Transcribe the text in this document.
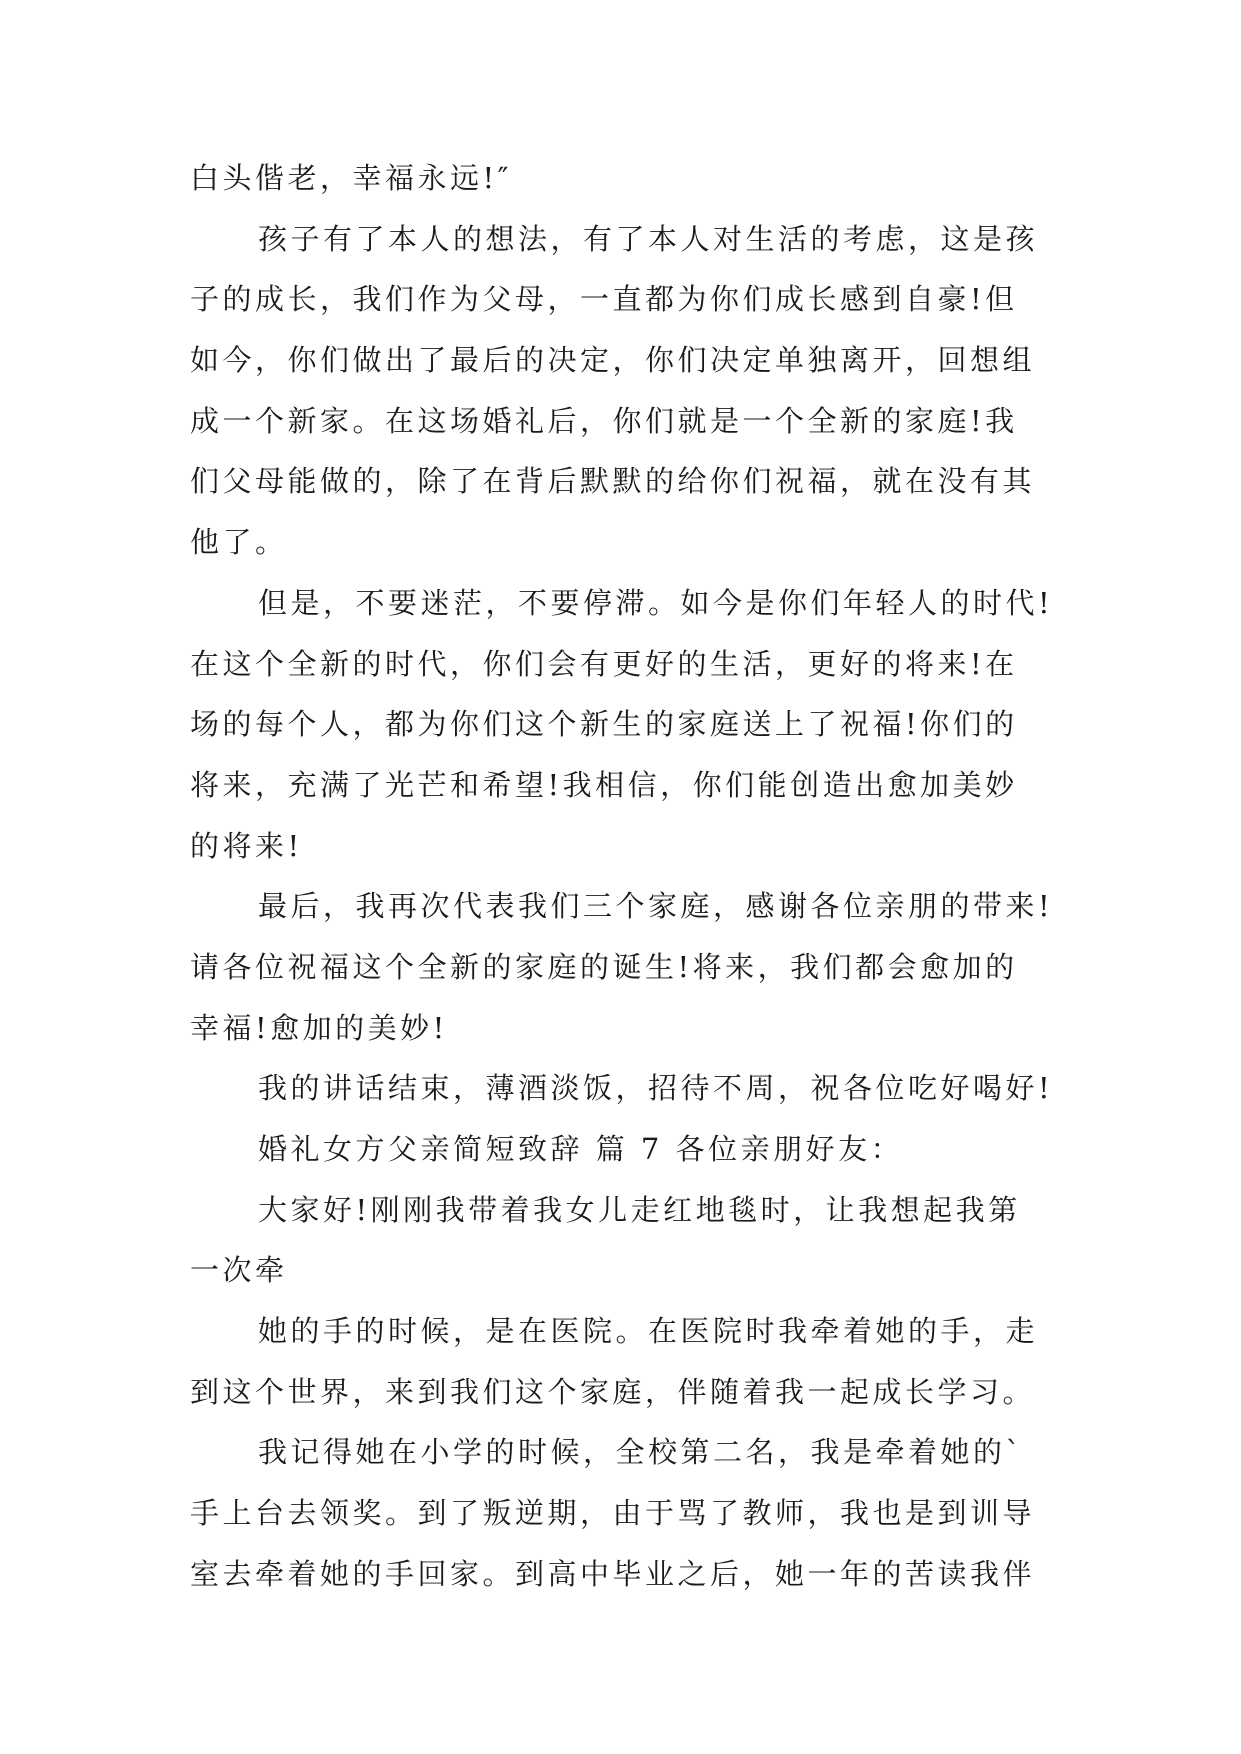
白头偕老，幸福永远!″
孩子有了本人的想法，有了本人对生活的考虑，这是孩
子的成长，我们作为父母，一直都为你们成长感到自豪!但
如今，你们做出了最后的决定，你们决定单独离开，回想组
成一个新家。在这场婚礼后，你们就是一个全新的家庭!我
们父母能做的，除了在背后默默的给你们祝福，就在没有其
他了。
但是，不要迷茫，不要停滞。如今是你们年轻人的时代!
在这个全新的时代，你们会有更好的生活，更好的将来!在
场的每个人，都为你们这个新生的家庭送上了祝福!你们的
将来，充满了光芒和希望!我相信，你们能创造出愈加美妙
的将来!
最后，我再次代表我们三个家庭，感谢各位亲朋的带来!
请各位祝福这个全新的家庭的诞生!将来，我们都会愈加的
幸福!愈加的美妙!
我的讲话结束，薄酒淡饭，招待不周，祝各位吃好喝好!
婚礼女方父亲简短致辞 篇 7 各位亲朋好友：
大家好!刚刚我带着我女儿走红地毯时，让我想起我第
一次牵
她的手的时候，是在医院。在医院时我牵着她的手，走
到这个世界，来到我们这个家庭，伴随着我一起成长学习。
我记得她在小学的时候，全校第二名，我是牵着她的`
手上台去领奖。到了叛逆期，由于骂了教师，我也是到训导
室去牵着她的手回家。到高中毕业之后，她一年的苦读我伴
